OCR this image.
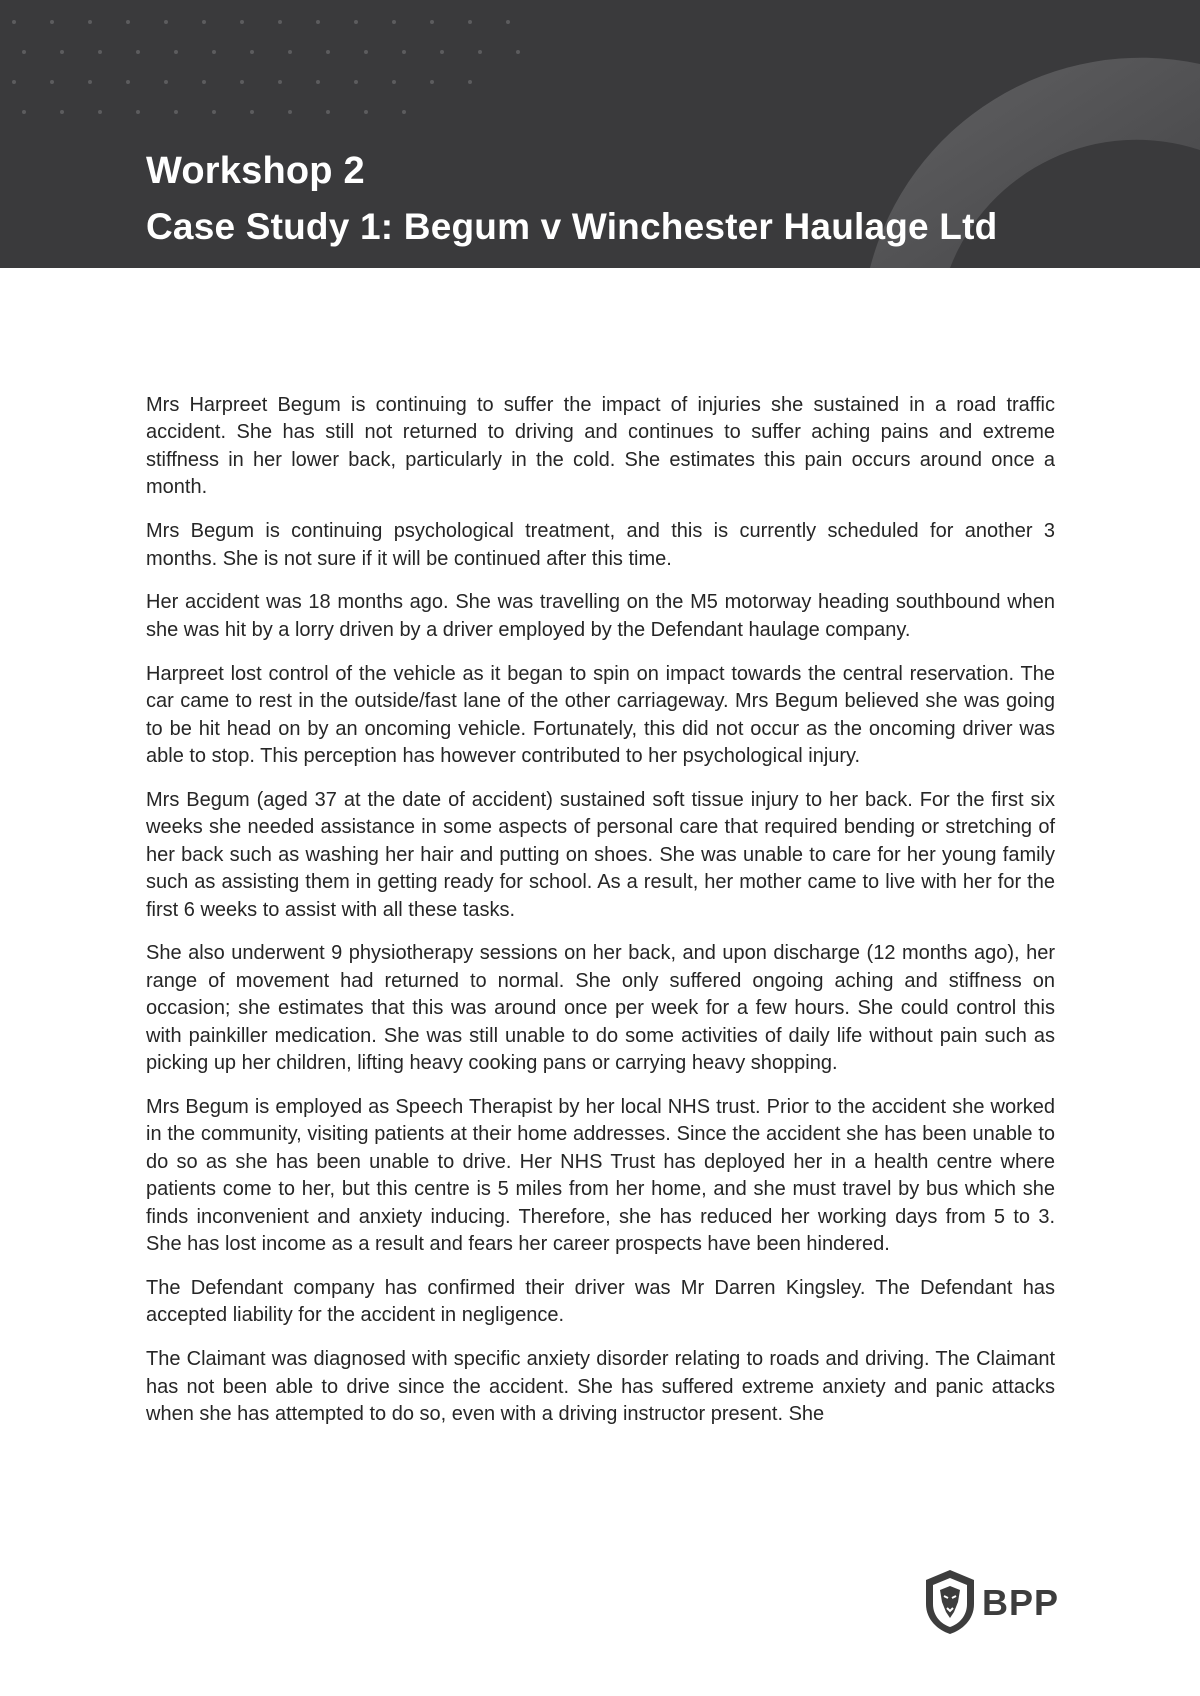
Workshop 2
Case Study 1: Begum v Winchester Haulage Ltd

Mrs Harpreet Begum is continuing to suffer the impact of injuries she sustained in a road traffic accident. She has still not returned to driving and continues to suffer aching pains and extreme stiffness in her lower back, particularly in the cold. She estimates this pain occurs around once a month.

Mrs Begum is continuing psychological treatment, and this is currently scheduled for another 3 months. She is not sure if it will be continued after this time.

Her accident was 18 months ago. She was travelling on the M5 motorway heading southbound when she was hit by a lorry driven by a driver employed by the Defendant haulage company.

Harpreet lost control of the vehicle as it began to spin on impact towards the central reservation. The car came to rest in the outside/fast lane of the other carriageway. Mrs Begum believed she was going to be hit head on by an oncoming vehicle. Fortunately, this did not occur as the oncoming driver was able to stop. This perception has however contributed to her psychological injury.

Mrs Begum (aged 37 at the date of accident) sustained soft tissue injury to her back. For the first six weeks she needed assistance in some aspects of personal care that required bending or stretching of her back such as washing her hair and putting on shoes. She was unable to care for her young family such as assisting them in getting ready for school. As a result, her mother came to live with her for the first 6 weeks to assist with all these tasks.

She also underwent 9 physiotherapy sessions on her back, and upon discharge (12 months ago), her range of movement had returned to normal. She only suffered ongoing aching and stiffness on occasion; she estimates that this was around once per week for a few hours. She could control this with painkiller medication. She was still unable to do some activities of daily life without pain such as picking up her children, lifting heavy cooking pans or carrying heavy shopping.

Mrs Begum is employed as Speech Therapist by her local NHS trust. Prior to the accident she worked in the community, visiting patients at their home addresses. Since the accident she has been unable to do so as she has been unable to drive. Her NHS Trust has deployed her in a health centre where patients come to her, but this centre is 5 miles from her home, and she must travel by bus which she finds inconvenient and anxiety inducing. Therefore, she has reduced her working days from 5 to 3. She has lost income as a result and fears her career prospects have been hindered.

The Defendant company has confirmed their driver was Mr Darren Kingsley. The Defendant has accepted liability for the accident in negligence.

The Claimant was diagnosed with specific anxiety disorder relating to roads and driving. The Claimant has not been able to drive since the accident. She has suffered extreme anxiety and panic attacks when she has attempted to do so, even with a driving instructor present. She

BPP
